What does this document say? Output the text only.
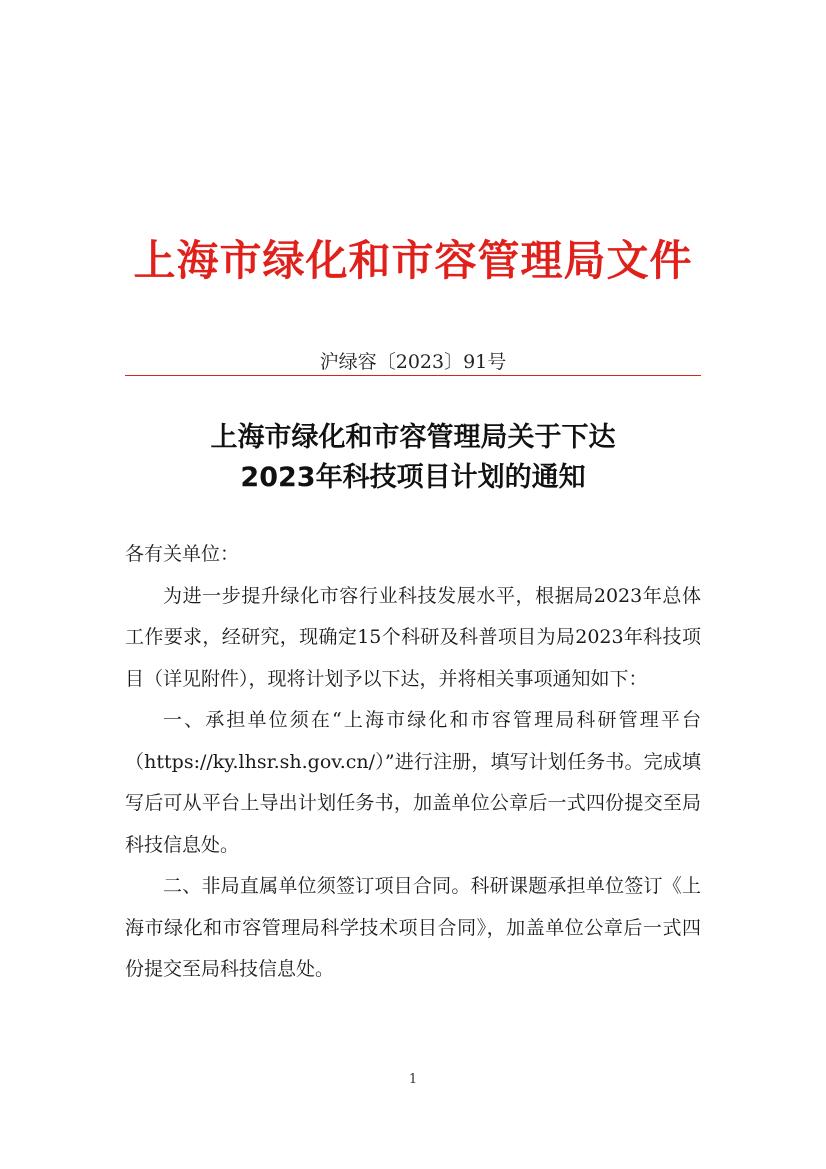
上海市绿化和市容管理局文件
沪绿容〔2023〕91号
上海市绿化和市容管理局关于下达
2023年科技项目计划的通知

各有关单位：

为进一步提升绿化市容行业科技发展水平，根据局2023年总体工作要求，经研究，现确定15个科研及科普项目为局2023年科技项目（详见附件），现将计划予以下达，并将相关事项通知如下：

一、承担单位须在“上海市绿化和市容管理局科研管理平台 （https://ky.lhsr.sh.gov.cn/）”进行注册，填写计划任务书。完成填写后可从平台上导出计划任务书，加盖单位公章后一式四份提交至局科技信息处。

二、非局直属单位须签订项目合同。科研课题承担单位签订《上海市绿化和市容管理局科学技术项目合同》，加盖单位公章后一式四份提交至局科技信息处。

1
